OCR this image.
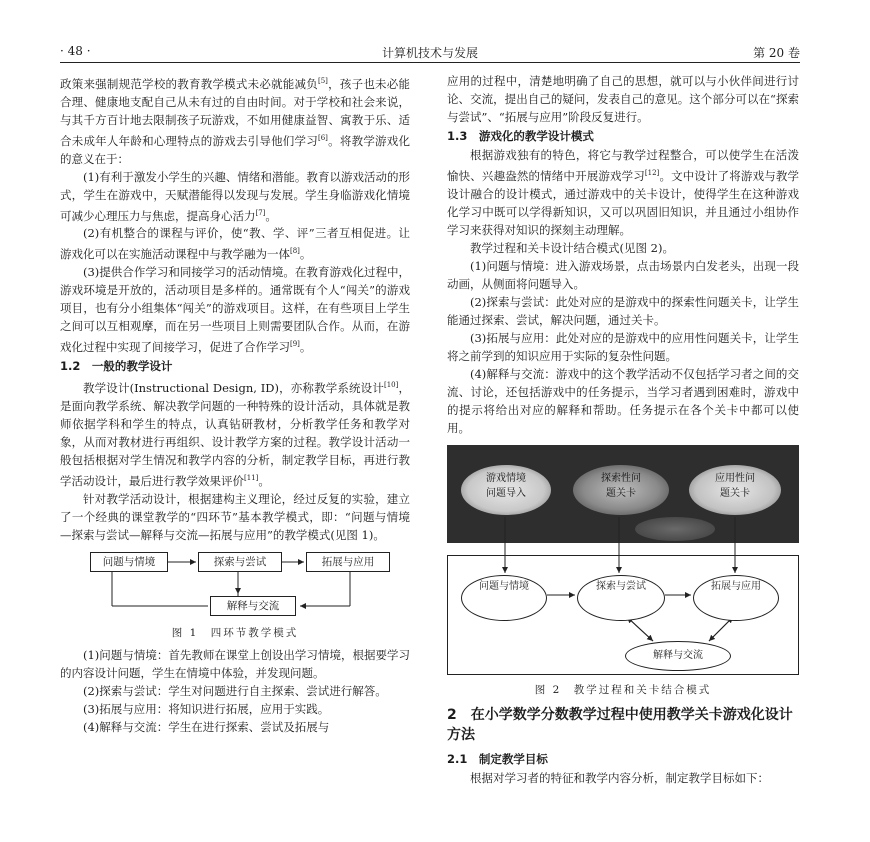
· 48 ·	计算机技术与发展	第 20 卷

政策来强制规范学校的教育教学模式未必就能减负[5]，孩子也未必能合理、健康地支配自己从未有过的自由时间。对于学校和社会来说，与其千方百计地去限制孩子玩游戏，不如用健康益智、寓教于乐、适合未成年人年龄和心理特点的游戏去引导他们学习[6]。将教学游戏化的意义在于：

(1)有利于激发小学生的兴趣、情绪和潜能。教育以游戏活动的形式，学生在游戏中，天赋潜能得以发现与发展。学生身临游戏化情境可减少心理压力与焦虑，提高身心活力[7]。

(2)有机整合的课程与评价，使“教、学、评”三者互相促进。让游戏化可以在实施活动课程中与教学融为一体[8]。

(3)提供合作学习和同接学习的活动情境。在教育游戏化过程中，游戏环境是开放的，活动项目是多样的。通常既有个人“闯关”的游戏项目，也有分小组集体“闯关”的游戏项目。这样，在有些项目上学生之间可以互相观摩，而在另一些项目上则需要团队合作。从而，在游戏化过程中实现了间接学习，促进了合作学习[9]。

1.2　一般的教学设计

教学设计(Instructional Design, ID)，亦称教学系统设计[10]，是面向教学系统、解决教学问题的一种特殊的设计活动，具体就是教师依据学科和学生的特点，认真钻研教材，分析教学任务和教学对象，从而对教材进行再组织、设计教学方案的过程。教学设计活动一般包括根据对学生情况和教学内容的分析，制定教学目标，再进行教学活动设计，最后进行教学效果评价[11]。

针对教学活动设计，根据建构主义理论，经过反复的实验，建立了一个经典的课堂教学的“四环节”基本教学模式，即：“问题与情境—探索与尝试—解释与交流—拓展与应用”的教学模式(见图 1)。

问题与情境	探索与尝试	拓展与应用
解释与交流
图 1　四环节教学模式

(1)问题与情境：首先教师在课堂上创设出学习情境，根据要学习的内容设计问题，学生在情境中体验，并发现问题。

(2)探索与尝试：学生对问题进行自主探索、尝试进行解答。

(3)拓展与应用：将知识进行拓展，应用于实践。

(4)解释与交流：学生在进行探索、尝试及拓展与

应用的过程中，清楚地明确了自己的思想，就可以与小伙伴间进行讨论、交流，提出自己的疑问，发表自己的意见。这个部分可以在“探索与尝试”、“拓展与应用”阶段反复进行。

1.3　游戏化的教学设计模式

根据游戏独有的特色，将它与教学过程整合，可以使学生在活泼愉快、兴趣盎然的情绪中开展游戏学习[12]。文中设计了将游戏与教学设计融合的设计模式，通过游戏中的关卡设计，使得学生在这种游戏化学习中既可以学得新知识，又可以巩固旧知识，并且通过小组协作学习来获得对知识的探刻主动理解。

教学过程和关卡设计结合模式(见图 2)。

(1)问题与情境：进入游戏场景，点击场景内白发老头，出现一段动画，从侧面将问题导入。

(2)探索与尝试：此处对应的是游戏中的探索性问题关卡，让学生能通过探索、尝试，解决问题，通过关卡。

(3)拓展与应用：此处对应的是游戏中的应用性问题关卡，让学生将之前学到的知识应用于实际的复杂性问题。

(4)解释与交流：游戏中的这个教学活动不仅包括学习者之间的交流、讨论，还包括游戏中的任务提示，当学习者遇到困难时，游戏中的提示将给出对应的解释和帮助。任务提示在各个关卡中都可以使用。

游戏情境
问题导入
探索性问
题关卡
应用性问
题关卡
问题与情境	探索与尝试	拓展与应用
解释与交流
图 2　教学过程和关卡结合模式
2　在小学数学分数教学过程中使用教学关卡游戏化设计方法
2.1　制定教学目标

根据对学习者的特征和教学内容分析，制定教学目标如下：
